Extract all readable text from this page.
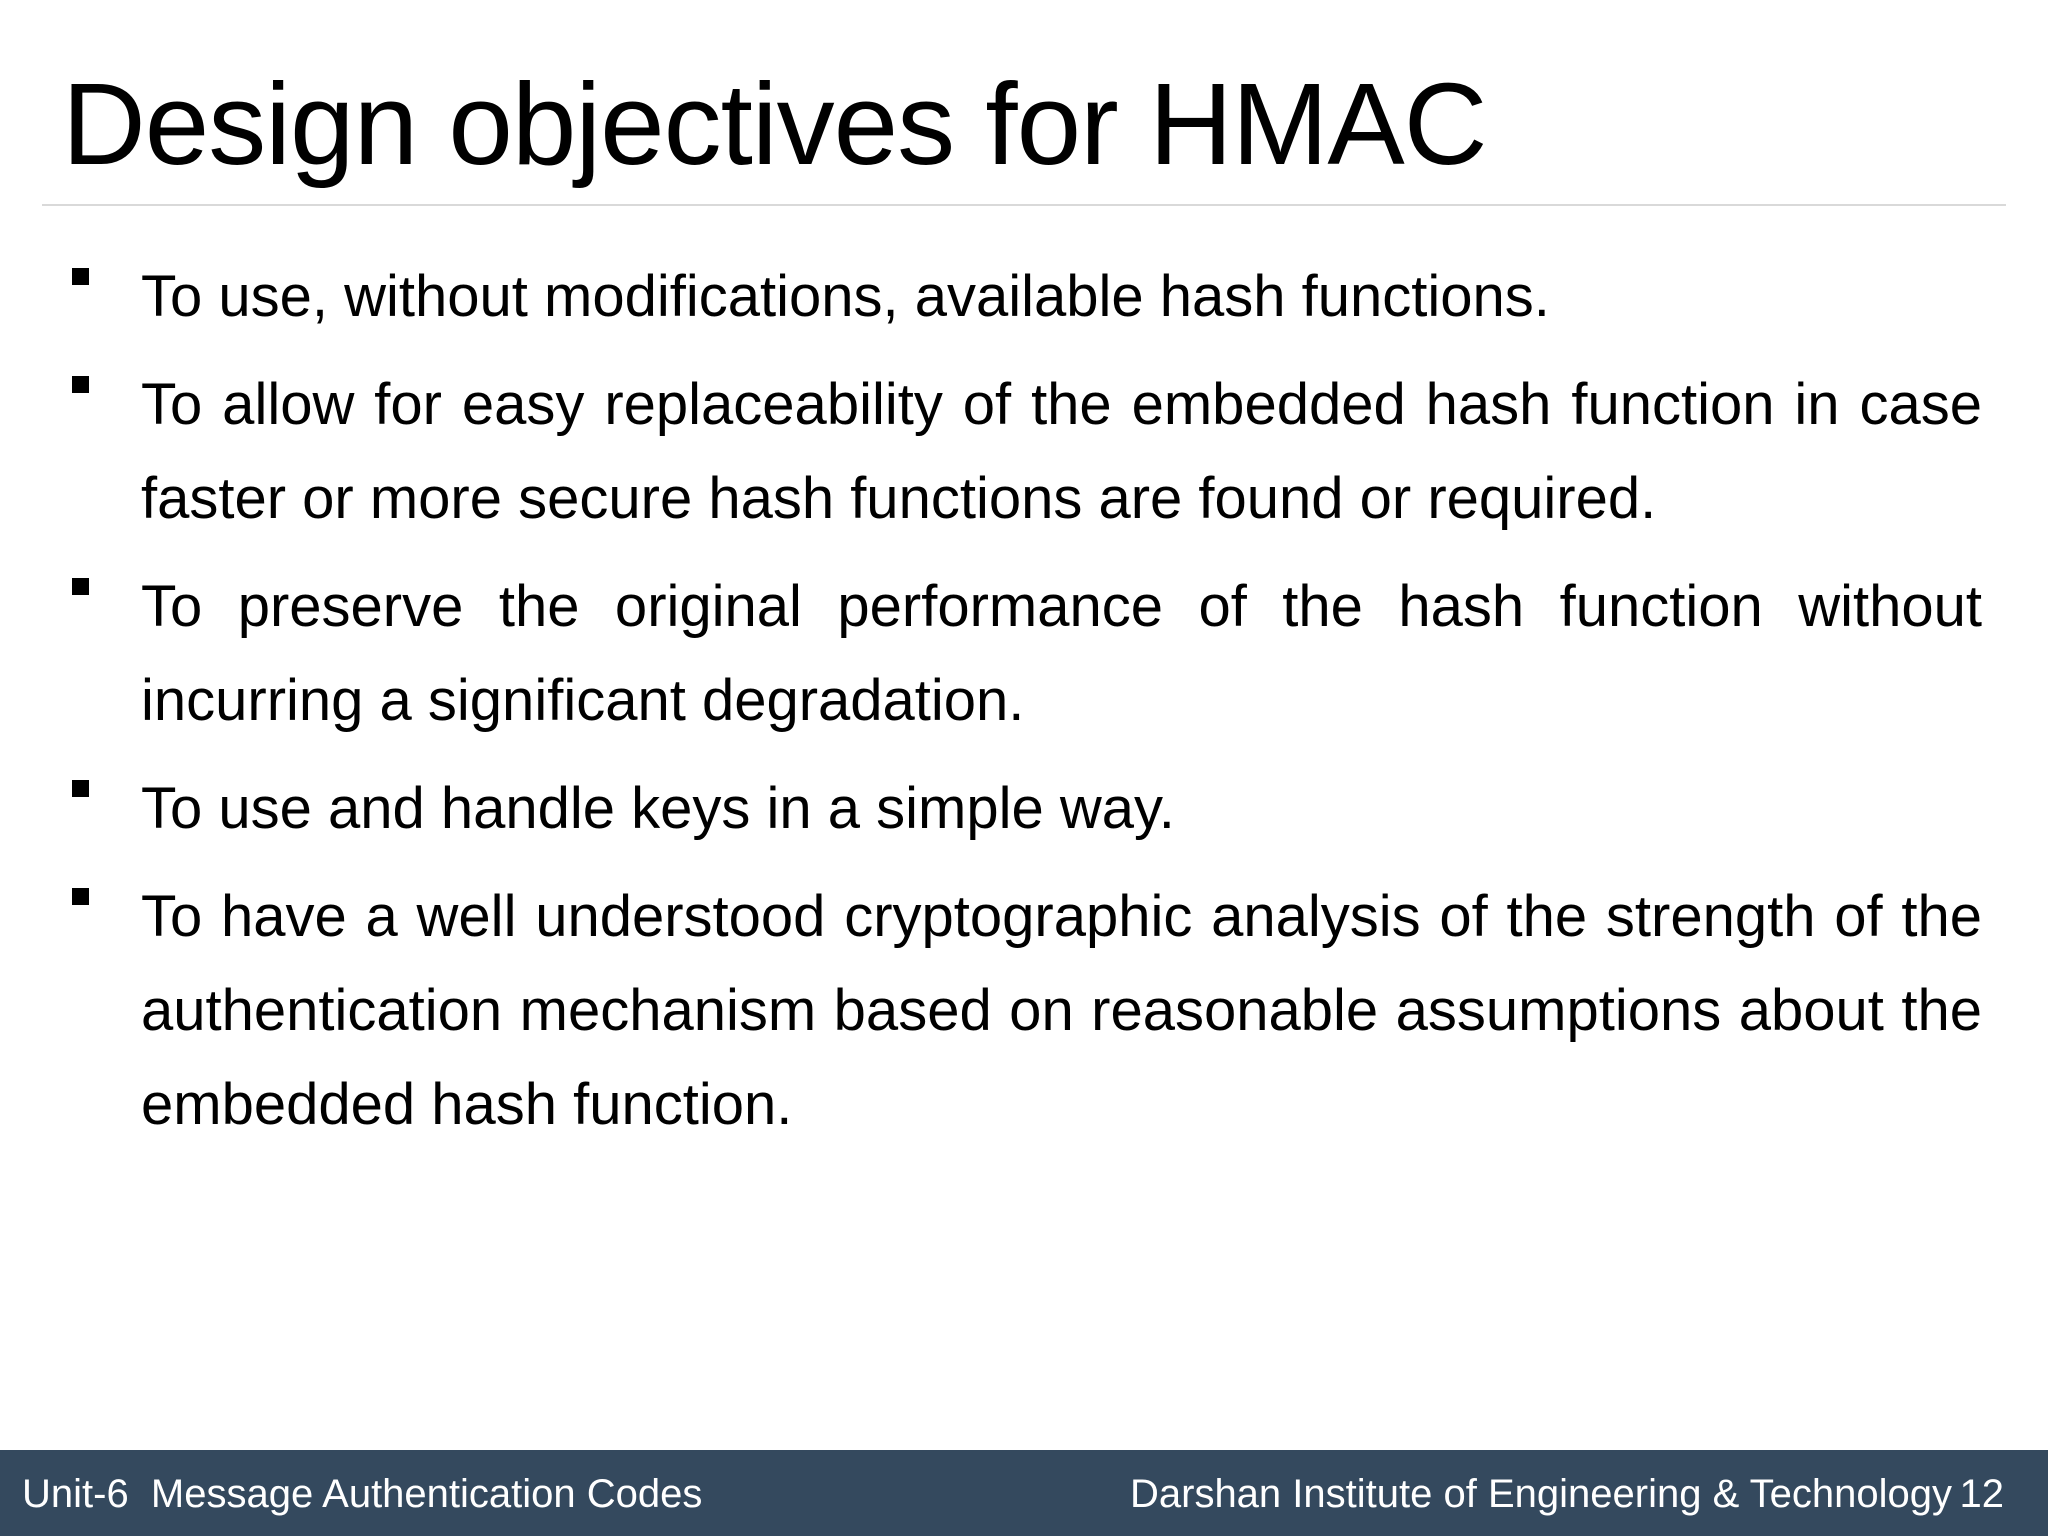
Design objectives for HMAC
To use, without modifications, available hash functions.
To allow for easy replaceability of the embedded hash function in case faster or more secure hash functions are found or required.
To preserve the original performance of the hash function without incurring a significant degradation.
To use and handle keys in a simple way.
To have a well understood cryptographic analysis of the strength of the authentication mechanism based on reasonable assumptions about the embedded hash function.
Unit-6  Message Authentication Codes	Darshan Institute of Engineering & Technology 12
